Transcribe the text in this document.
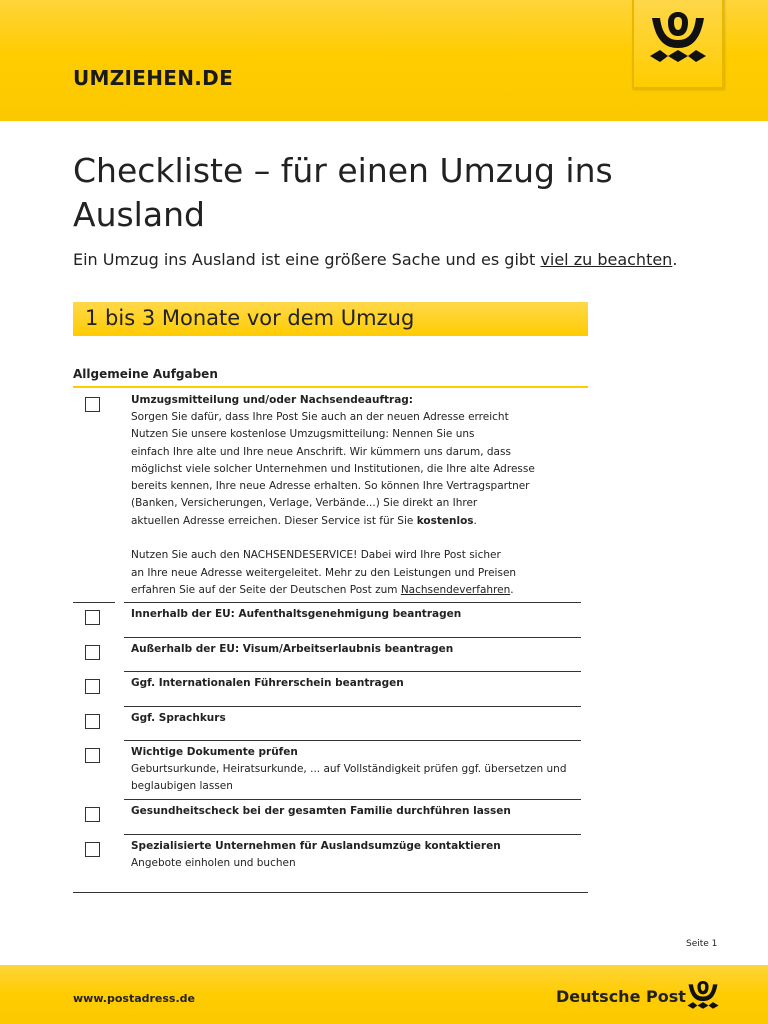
UMZIEHEN.DE
Checkliste – für einen Umzug ins Ausland
Ein Umzug ins Ausland ist eine größere Sache und es gibt viel zu beachten.
1 bis 3 Monate vor dem Umzug
Allgemeine Aufgaben
Umzugsmitteilung und/oder Nachsendeauftrag:
Sorgen Sie dafür, dass Ihre Post Sie auch an der neuen Adresse erreicht
Nutzen Sie unsere kostenlose Umzugsmitteilung: Nennen Sie uns
einfach Ihre alte und Ihre neue Anschrift. Wir kümmern uns darum, dass
möglichst viele solcher Unternehmen und Institutionen, die Ihre alte Adresse
bereits kennen, Ihre neue Adresse erhalten. So können Ihre Vertragspartner
(Banken, Versicherungen, Verlage, Verbände...) Sie direkt an Ihrer
aktuellen Adresse erreichen. Dieser Service ist für Sie kostenlos.
Nutzen Sie auch den NACHSENDESERVICE! Dabei wird Ihre Post sicher
an Ihre neue Adresse weitergeleitet. Mehr zu den Leistungen und Preisen
erfahren Sie auf der Seite der Deutschen Post zum Nachsendeverfahren.
Innerhalb der EU: Aufenthaltsgenehmigung beantragen
Außerhalb der EU: Visum/Arbeitserlaubnis beantragen
Ggf. Internationalen Führerschein beantragen
Ggf. Sprachkurs
Wichtige Dokumente prüfen
Geburtsurkunde, Heiratsurkunde, ... auf Vollständigkeit prüfen ggf. übersetzen und
beglaubigen lassen
Gesundheitscheck bei der gesamten Familie durchführen lassen
Spezialisierte Unternehmen für Auslandsumzüge kontaktieren
Angebote einholen und buchen
Seite 1
www.postadress.de	Deutsche Post
